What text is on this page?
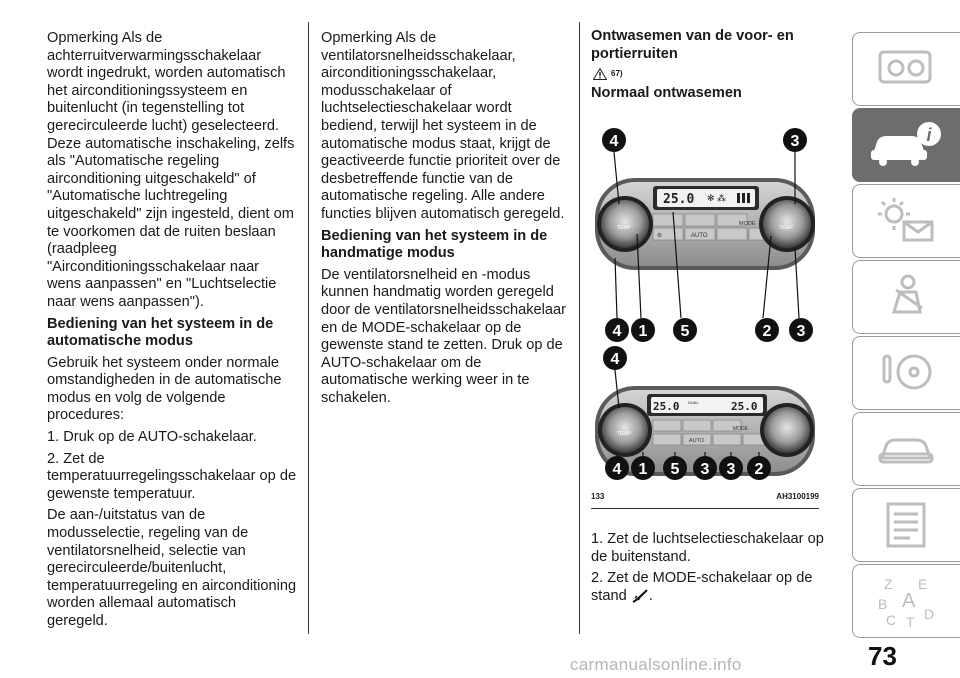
Opmerking Als de achterruitverwarmingsschakelaar wordt ingedrukt, worden automatisch het airconditioningssysteem en buitenlucht (in tegenstelling tot gerecirculeerde lucht) geselecteerd. Deze automatische inschakeling, zelfs als "Automatische regeling airconditioning uitgeschakeld" of "Automatische luchtregeling uitgeschakeld" zijn ingesteld, dient om te voorkomen dat de ruiten beslaan (raadpleeg "Airconditioningsschakelaar naar wens aanpassen" en "Luchtselectie naar wens aanpassen").

Bediening van het systeem in de automatische modus

Gebruik het systeem onder normale omstandigheden in de automatische modus en volg de volgende procedures:

1. Druk op de AUTO-schakelaar.

2. Zet de temperatuurregelingsschakelaar op de gewenste temperatuur.

De aan-/uitstatus van de modusselectie, regeling van de ventilatorsnelheid, selectie van gerecirculeerde/buitenlucht, temperatuurregeling en airconditioning worden allemaal automatisch geregeld.

Opmerking Als de ventilatorsnelheidsschakelaar, airconditioningsschakelaar, modusschakelaar of luchtselectieschakelaar wordt bediend, terwijl het systeem in de automatische modus staat, krijgt de geactiveerde functie prioriteit over de desbetreffende functie van de automatische regeling. Alle andere functies blijven automatisch geregeld.

Bediening van het systeem in de handmatige modus

De ventilatorsnelheid en -modus kunnen handmatig worden geregeld door de ventilatorsnelheidsschakelaar en de MODE-schakelaar op de gewenste stand te zetten. Druk op de AUTO-schakelaar om de automatische werking weer in te schakelen.

Ontwasemen van de voor- en portierruiten
67)
Normaal ontwasemen
25.0 ✻ ⁂
⊚	AUTO
MODE
TEMP	TEMP
4	3
4 1 5	2 3
25.0 DUAL	25.0
AUTO
MODE
TEMP
4
4 1 5 3 3 2
133	AH3100199

1. Zet de luchtselectieschakelaar op de buitenstand.

2. Zet de MODE-schakelaar op de stand .

i
Z E
B A
C T D
carmanualsonline.info	73
